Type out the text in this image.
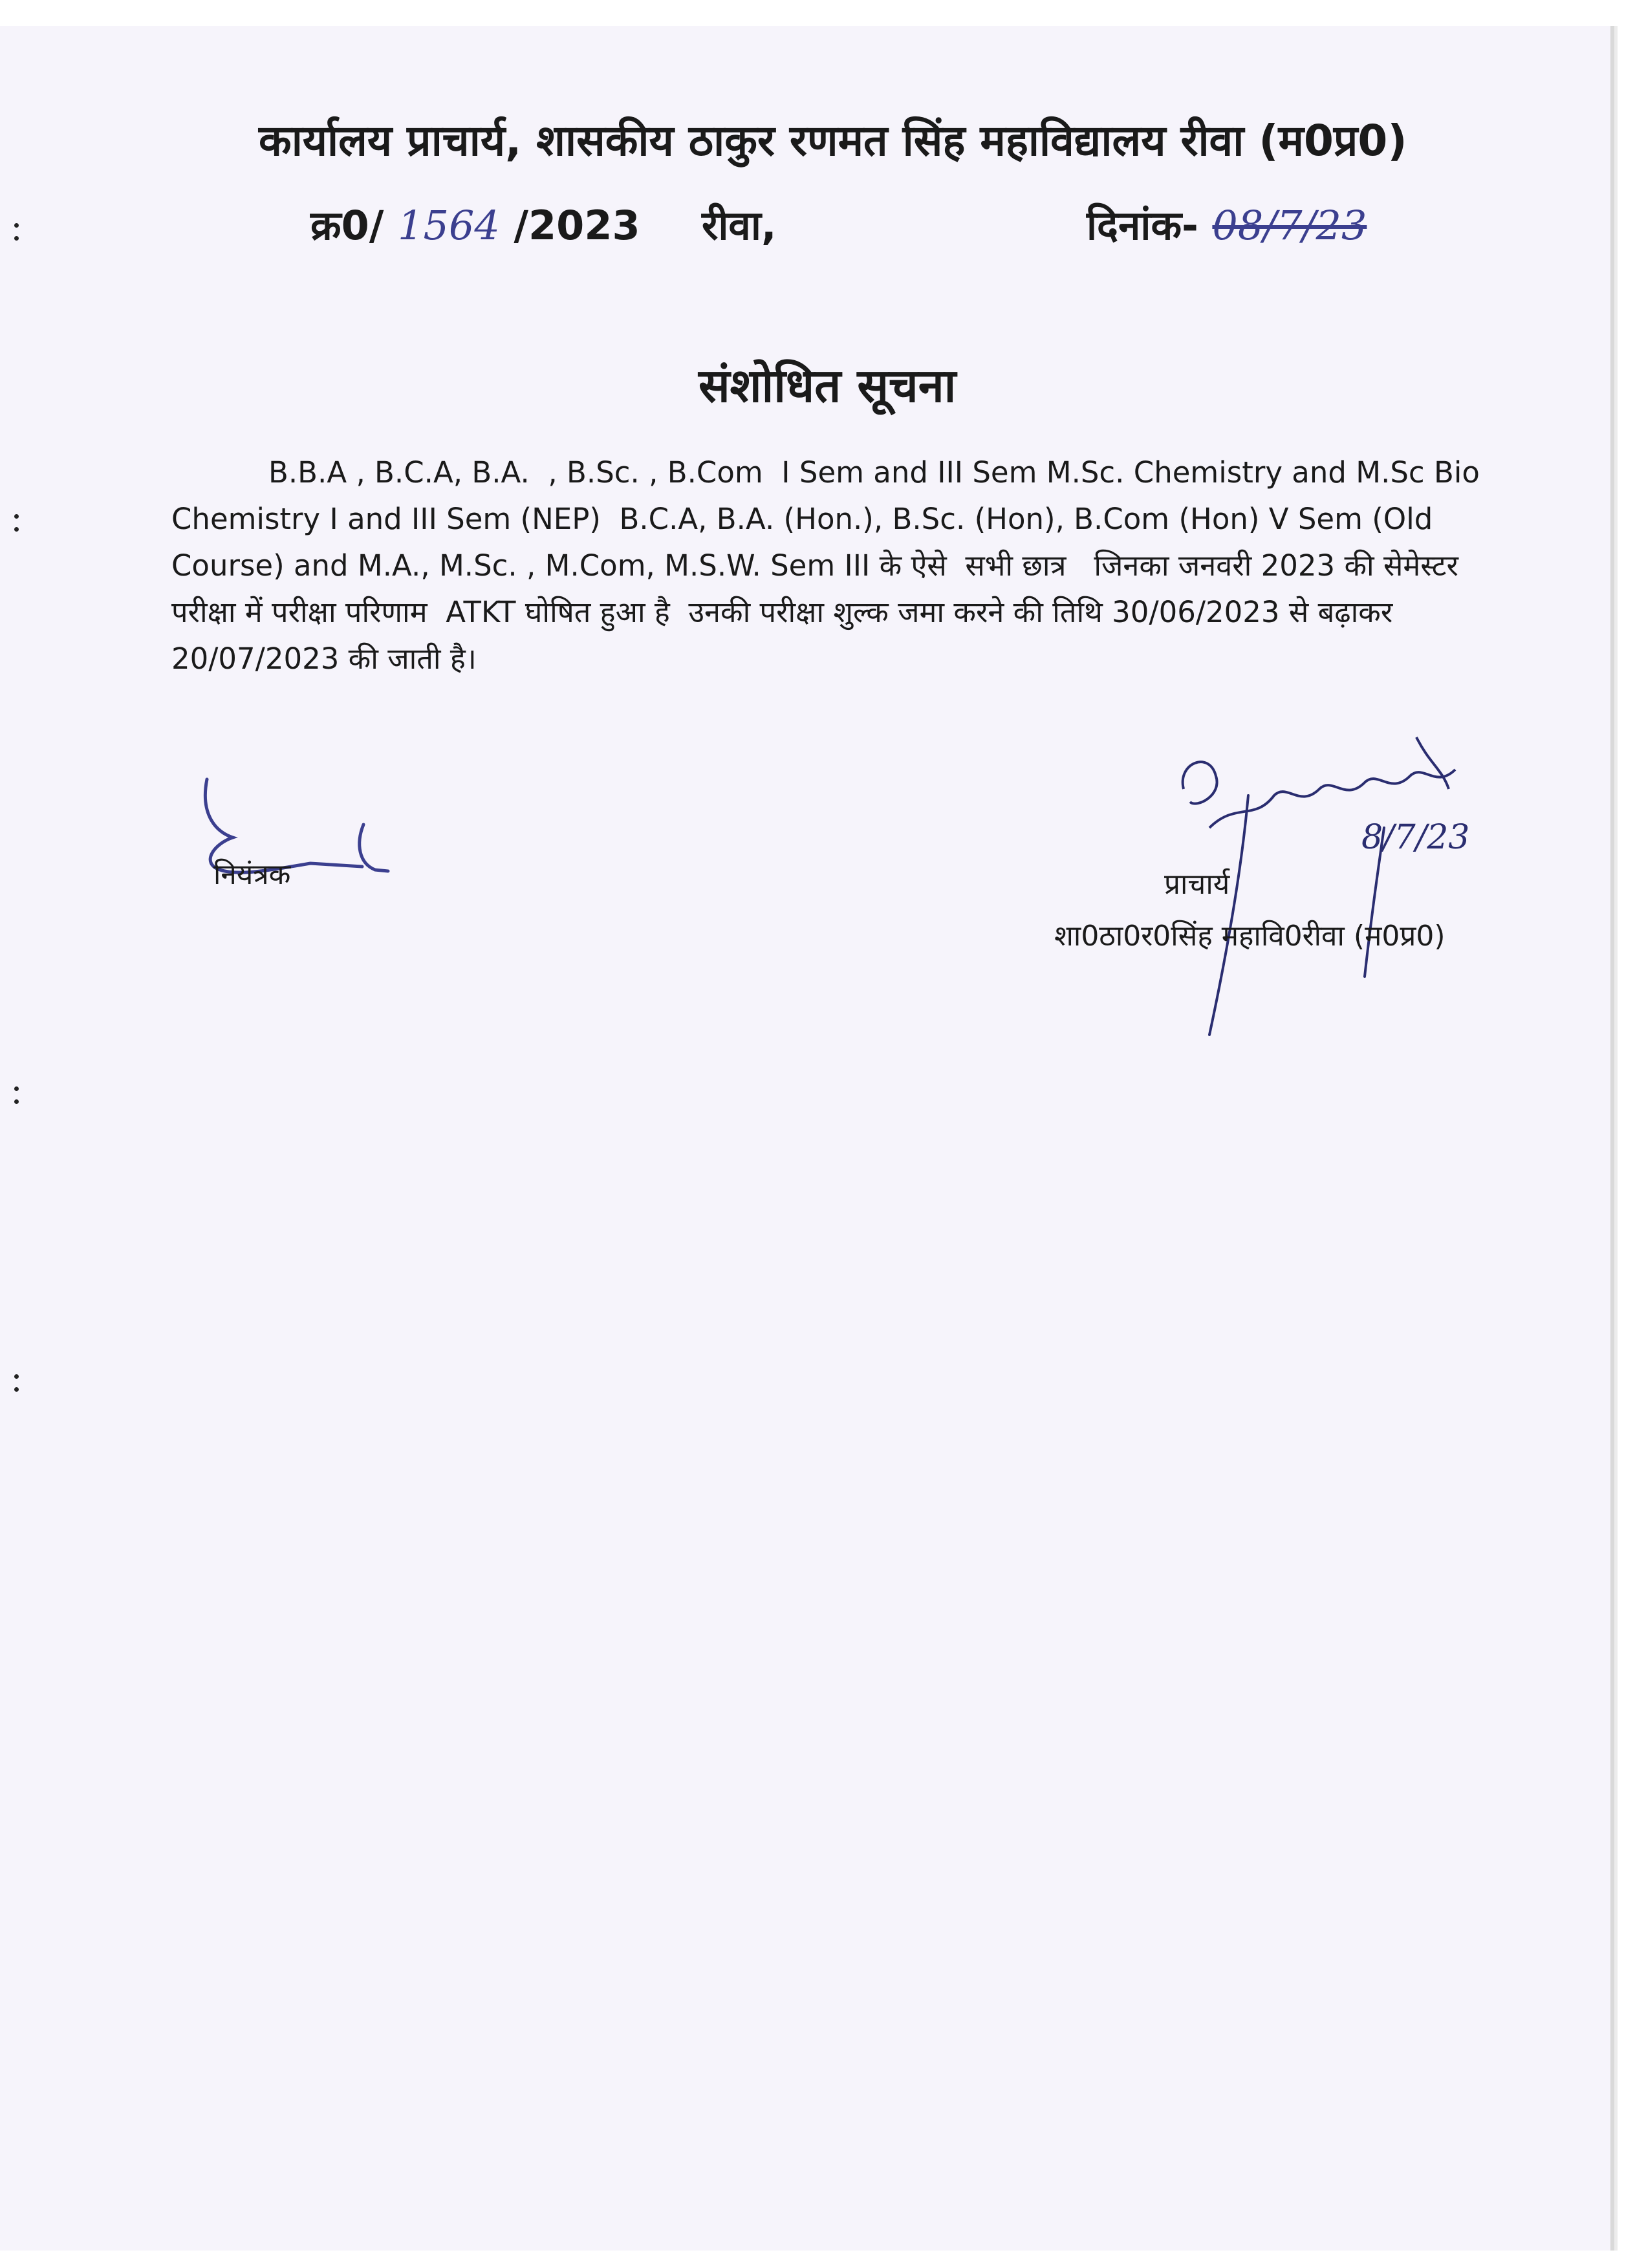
कार्यालय प्राचार्य, शासकीय ठाकुर रणमत सिंह महाविद्यालय रीवा (म0प्र0)
क्र0/ 1564 /2023 रीवा,	दिनांक- 08/7/23
संशोधित सूचना
B.B.A , B.C.A, B.A.  , B.Sc. , B.Com  I Sem and III Sem M.Sc. Chemistry and M.Sc Bio Chemistry I and III Sem (NEP)  B.C.A, B.A. (Hon.), B.Sc. (Hon), B.Com (Hon) V Sem (Old Course) and M.A., M.Sc. , M.Com, M.S.W. Sem III के ऐसे  सभी छात्र   जिनका जनवरी 2023 की सेमेस्टर  परीक्षा में परीक्षा परिणाम  ATKT घोषित हुआ है  उनकी परीक्षा शुल्क जमा करने की तिथि 30/06/2023 से बढ़ाकर 20/07/2023 की जाती है।
नियंत्रक
8/7/23
प्राचार्य
शा0ठा0र0सिंह महावि0रीवा (म0प्र0)
